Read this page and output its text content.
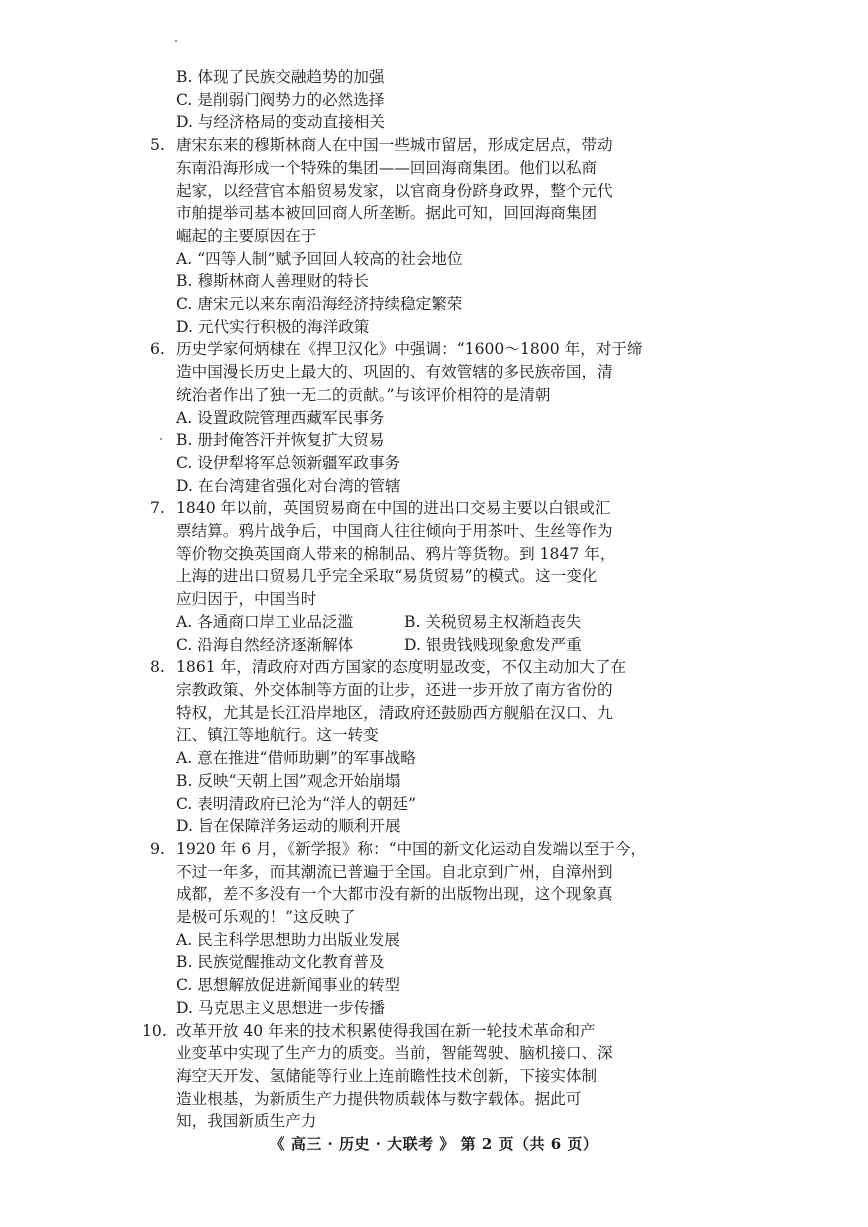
B. 体现了民族交融趋势的加强
C. 是削弱门阀势力的必然选择
D. 与经济格局的变动直接相关
5. 唐宋东来的穆斯林商人在中国一些城市留居，形成定居点，带动
东南沿海形成一个特殊的集团——回回海商集团。他们以私商
起家，以经营官本船贸易发家，以官商身份跻身政界，整个元代
市舶提举司基本被回回商人所垄断。据此可知，回回海商集团
崛起的主要原因在于
A. “四等人制”赋予回回人较高的社会地位
B. 穆斯林商人善理财的特长
C. 唐宋元以来东南沿海经济持续稳定繁荣
D. 元代实行积极的海洋政策
6. 历史学家何炳棣在《捍卫汉化》中强调：“1600～1800 年，对于缔
造中国漫长历史上最大的、巩固的、有效管辖的多民族帝国，清
统治者作出了独一无二的贡献。”与该评价相符的是清朝
A. 设置政院管理西藏军民事务
B. 册封俺答汗并恢复扩大贸易
C. 设伊犁将军总领新疆军政事务
D. 在台湾建省强化对台湾的管辖
7. 1840 年以前，英国贸易商在中国的进出口交易主要以白银或汇
票结算。鸦片战争后，中国商人往往倾向于用茶叶、生丝等作为
等价物交换英国商人带来的棉制品、鸦片等货物。到 1847 年，
上海的进出口贸易几乎完全采取“易货贸易”的模式。这一变化
应归因于，中国当时
A. 各通商口岸工业品泛滥	B. 关税贸易主权渐趋丧失
C. 沿海自然经济逐渐解体	D. 银贵钱贱现象愈发严重
8. 1861 年，清政府对西方国家的态度明显改变，不仅主动加大了在
宗教政策、外交体制等方面的让步，还进一步开放了南方省份的
特权，尤其是长江沿岸地区，清政府还鼓励西方舰船在汉口、九
江、镇江等地航行。这一转变
A. 意在推进“借师助剿”的军事战略
B. 反映“天朝上国”观念开始崩塌
C. 表明清政府已沦为“洋人的朝廷”
D. 旨在保障洋务运动的顺利开展
9. 1920 年 6 月，《新学报》称：“中国的新文化运动自发端以至于今，
不过一年多，而其潮流已普遍于全国。自北京到广州，自漳州到
成都，差不多没有一个大都市没有新的出版物出现，这个现象真
是极可乐观的！”这反映了
A. 民主科学思想助力出版业发展
B. 民族觉醒推动文化教育普及
C. 思想解放促进新闻事业的转型
D. 马克思主义思想进一步传播
10. 改革开放 40 年来的技术积累使得我国在新一轮技术革命和产
业变革中实现了生产力的质变。当前，智能驾驶、脑机接口、深
海空天开发、氢储能等行业上连前瞻性技术创新，下接实体制
造业根基，为新质生产力提供物质载体与数字载体。据此可
知，我国新质生产力
《 高三 · 历史 · 大联考 》 第 2 页（共 6 页）
